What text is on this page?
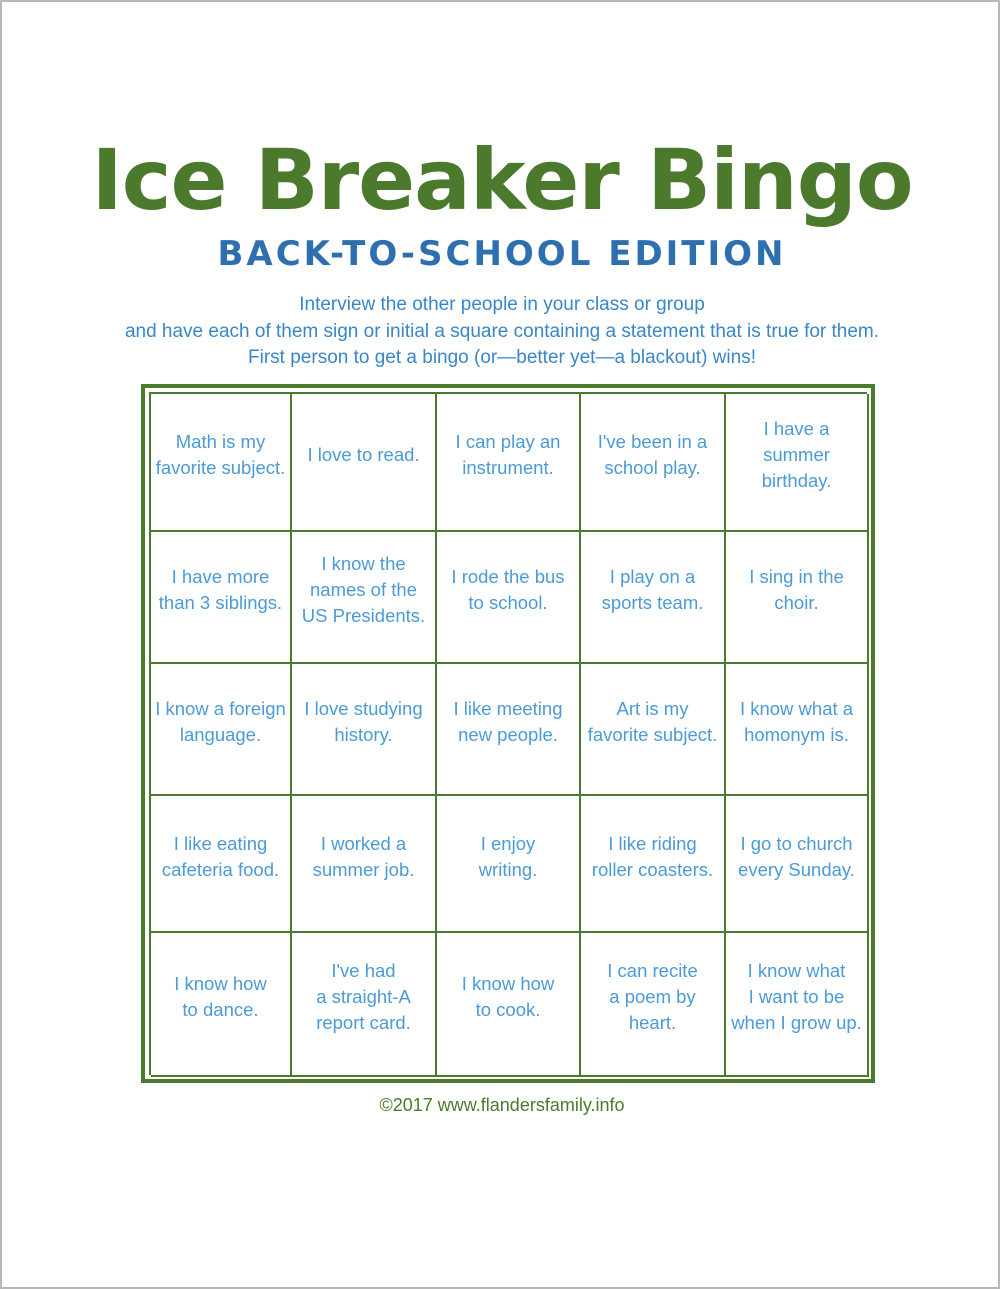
Ice Breaker Bingo
BACK-TO-SCHOOL EDITION
Interview the other people in your class or group
and have each of them sign or initial a square containing a statement that is true for them.
First person to get a bingo (or—better yet—a blackout) wins!
Math is my
favorite subject.
I love to read.
I can play an
instrument.
I've been in a
school play.
I have a summer
birthday.
I have more
than 3 siblings.
I know the
names of the
US Presidents.
I rode the bus
to school.
I play on a
sports team.
I sing in the
choir.
I know a foreign
language.
I love studying
history.
I like meeting
new people.
Art is my
favorite subject.
I know what a
homonym is.
I like eating
cafeteria food.
I worked a
summer job.
I enjoy
writing.
I like riding
roller coasters.
I go to church
every Sunday.
I know how
to dance.
I've had
a straight-A
report card.
I know how
to cook.
I can recite
a poem by
heart.
I know what
I want to be
when I grow up.
©2017 www.flandersfamily.info
